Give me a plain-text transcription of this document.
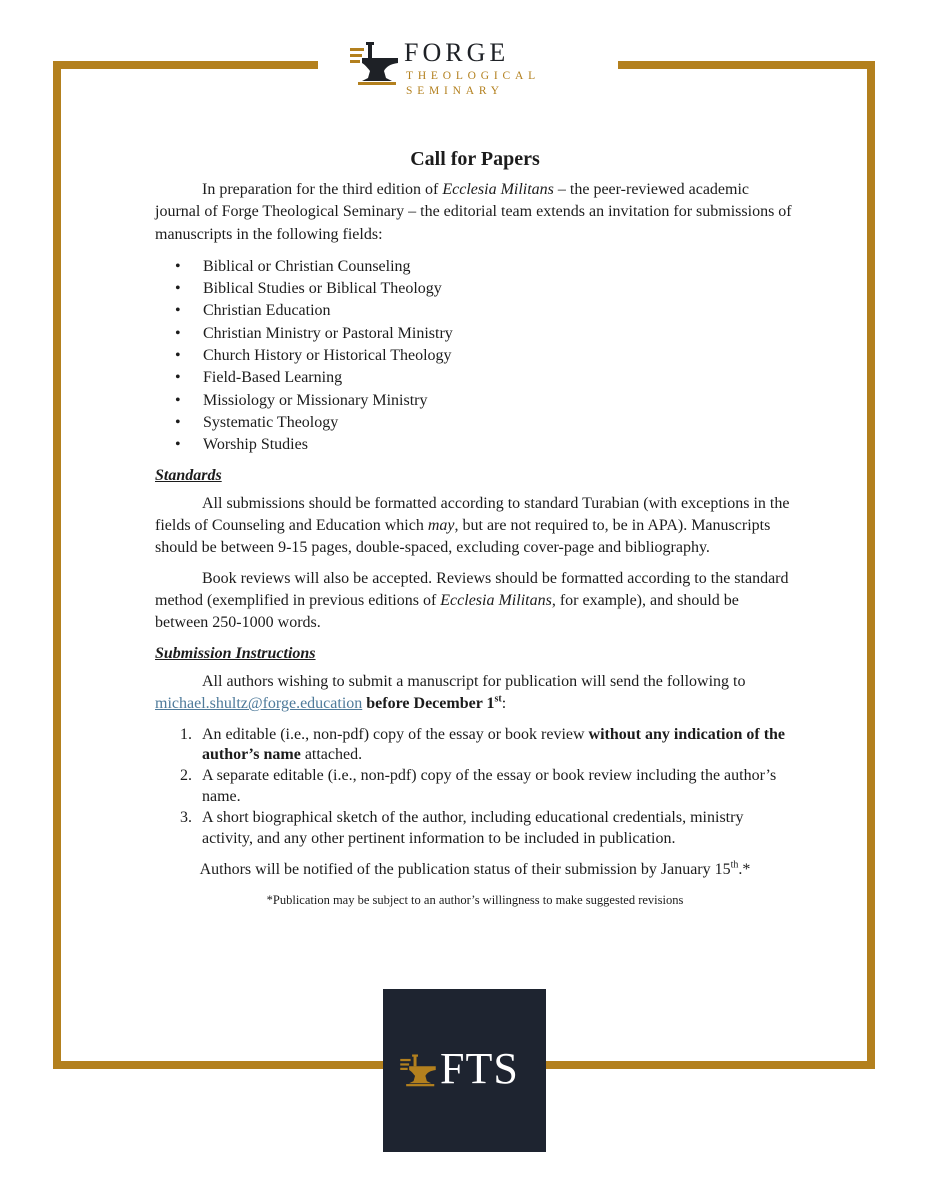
FORGE
THEOLOGICAL
SEMINARY
Call for Papers

In preparation for the third edition of Ecclesia Militans – the peer-reviewed academic journal of Forge Theological Seminary – the editorial team extends an invitation for submissions of manuscripts in the following fields:

• Biblical or Christian Counseling
• Biblical Studies or Biblical Theology
• Christian Education
• Christian Ministry or Pastoral Ministry
• Church History or Historical Theology
• Field-Based Learning
• Missiology or Missionary Ministry
• Systematic Theology
• Worship Studies
Standards

All submissions should be formatted according to standard Turabian (with exceptions in the fields of Counseling and Education which may, but are not required to, be in APA). Manuscripts should be between 9-15 pages, double-spaced, excluding cover-page and bibliography.

Book reviews will also be accepted. Reviews should be formatted according to the standard method (exemplified in previous editions of Ecclesia Militans, for example), and should be between 250-1000 words.

Submission Instructions

All authors wishing to submit a manuscript for publication will send the following to michael.shultz@forge.education before December 1st:

1. An editable (i.e., non-pdf) copy of the essay or book review without any indication of the author’s name attached.
2. A separate editable (i.e., non-pdf) copy of the essay or book review including the author’s name.
3. A short biographical sketch of the author, including educational credentials, ministry activity, and any other pertinent information to be included in publication.

Authors will be notified of the publication status of their submission by January 15th.*

*Publication may be subject to an author’s willingness to make suggested revisions

FTS
